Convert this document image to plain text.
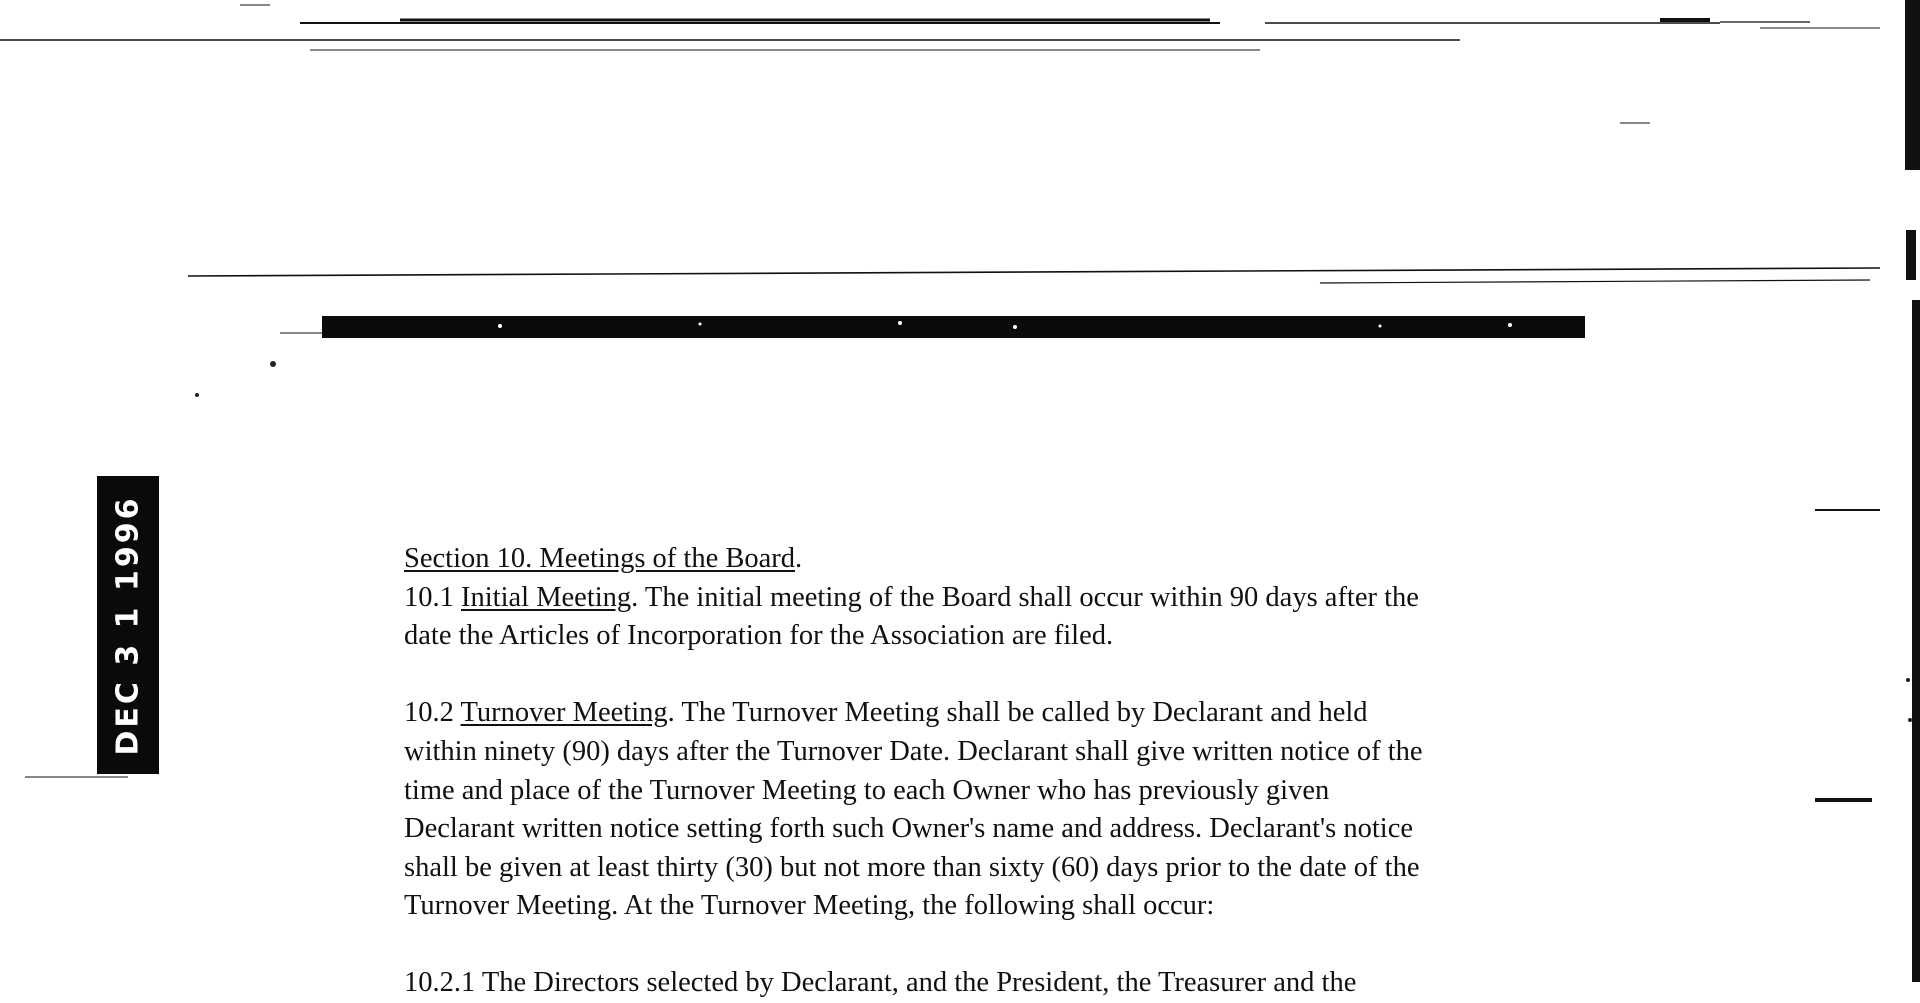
DEC 3 1 1996	Section 10. Meetings of the Board.
10.1 Initial Meeting. The initial meeting of the Board shall occur within 90 days after the
date the Articles of Incorporation for the Association are filed.
10.2 Turnover Meeting. The Turnover Meeting shall be called by Declarant and held
within ninety (90) days after the Turnover Date. Declarant shall give written notice of the
time and place of the Turnover Meeting to each Owner who has previously given
Declarant written notice setting forth such Owner's name and address. Declarant's notice
shall be given at least thirty (30) but not more than sixty (60) days prior to the date of the
Turnover Meeting. At the Turnover Meeting, the following shall occur:
10.2.1 The Directors selected by Declarant, and the President, the Treasurer and the
